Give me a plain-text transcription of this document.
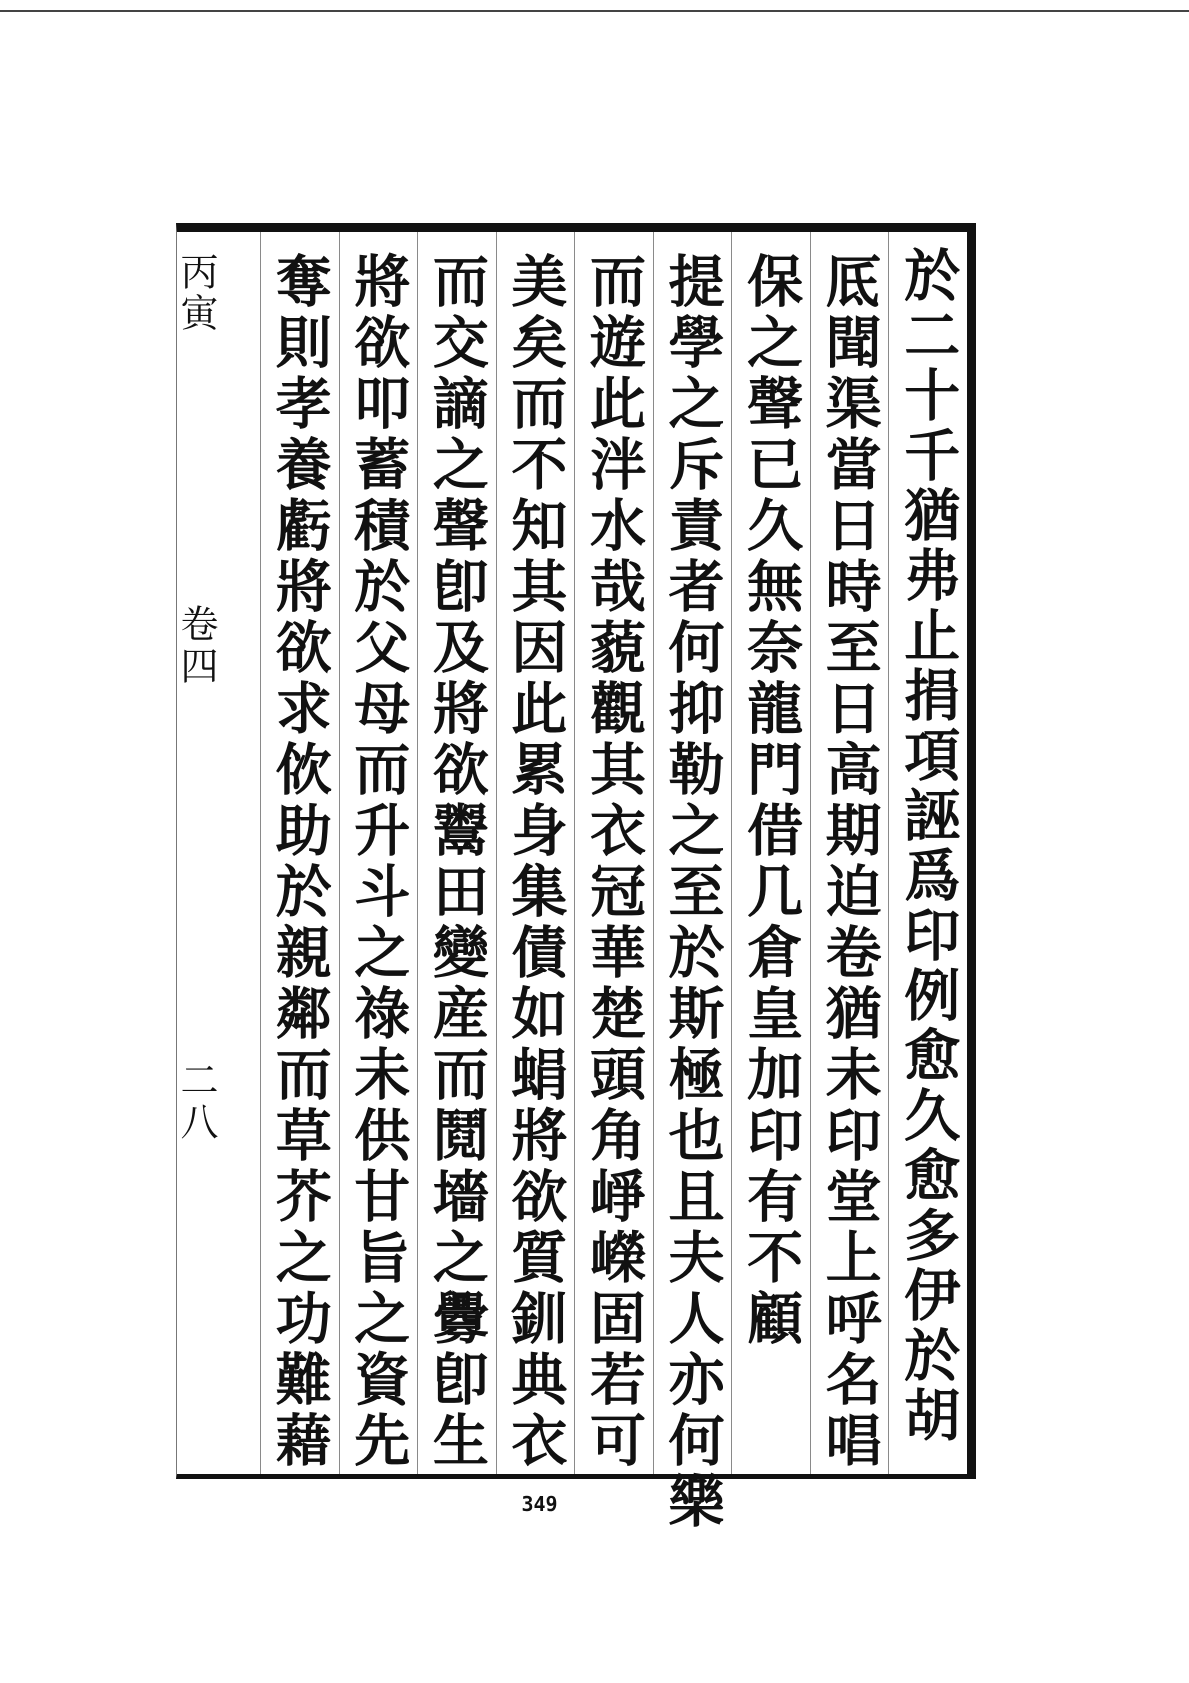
於二十千猶弗止捐項誣爲印例愈久愈多伊於胡
厎聞渠當日時至日高期迫卷猶未印堂上呼名唱
保之聲已久無奈龍門借几倉皇加印有不顧
提學之斥責者何抑勒之至於斯極也且夫人亦何樂
而遊此泮水哉藐觀其衣冠華楚頭角崢嶸固若可
美矣而不知其因此累身集債如蜎將欲質釧典衣
而交謫之聲卽及將欲鬻田變産而鬩墻之釁卽生
將欲叩蓄積於父母而升斗之祿未供甘旨之資先
奪則孝養虧將欲求佽助於親鄰而草芥之功難藉
丙寅
卷四
二八
349
